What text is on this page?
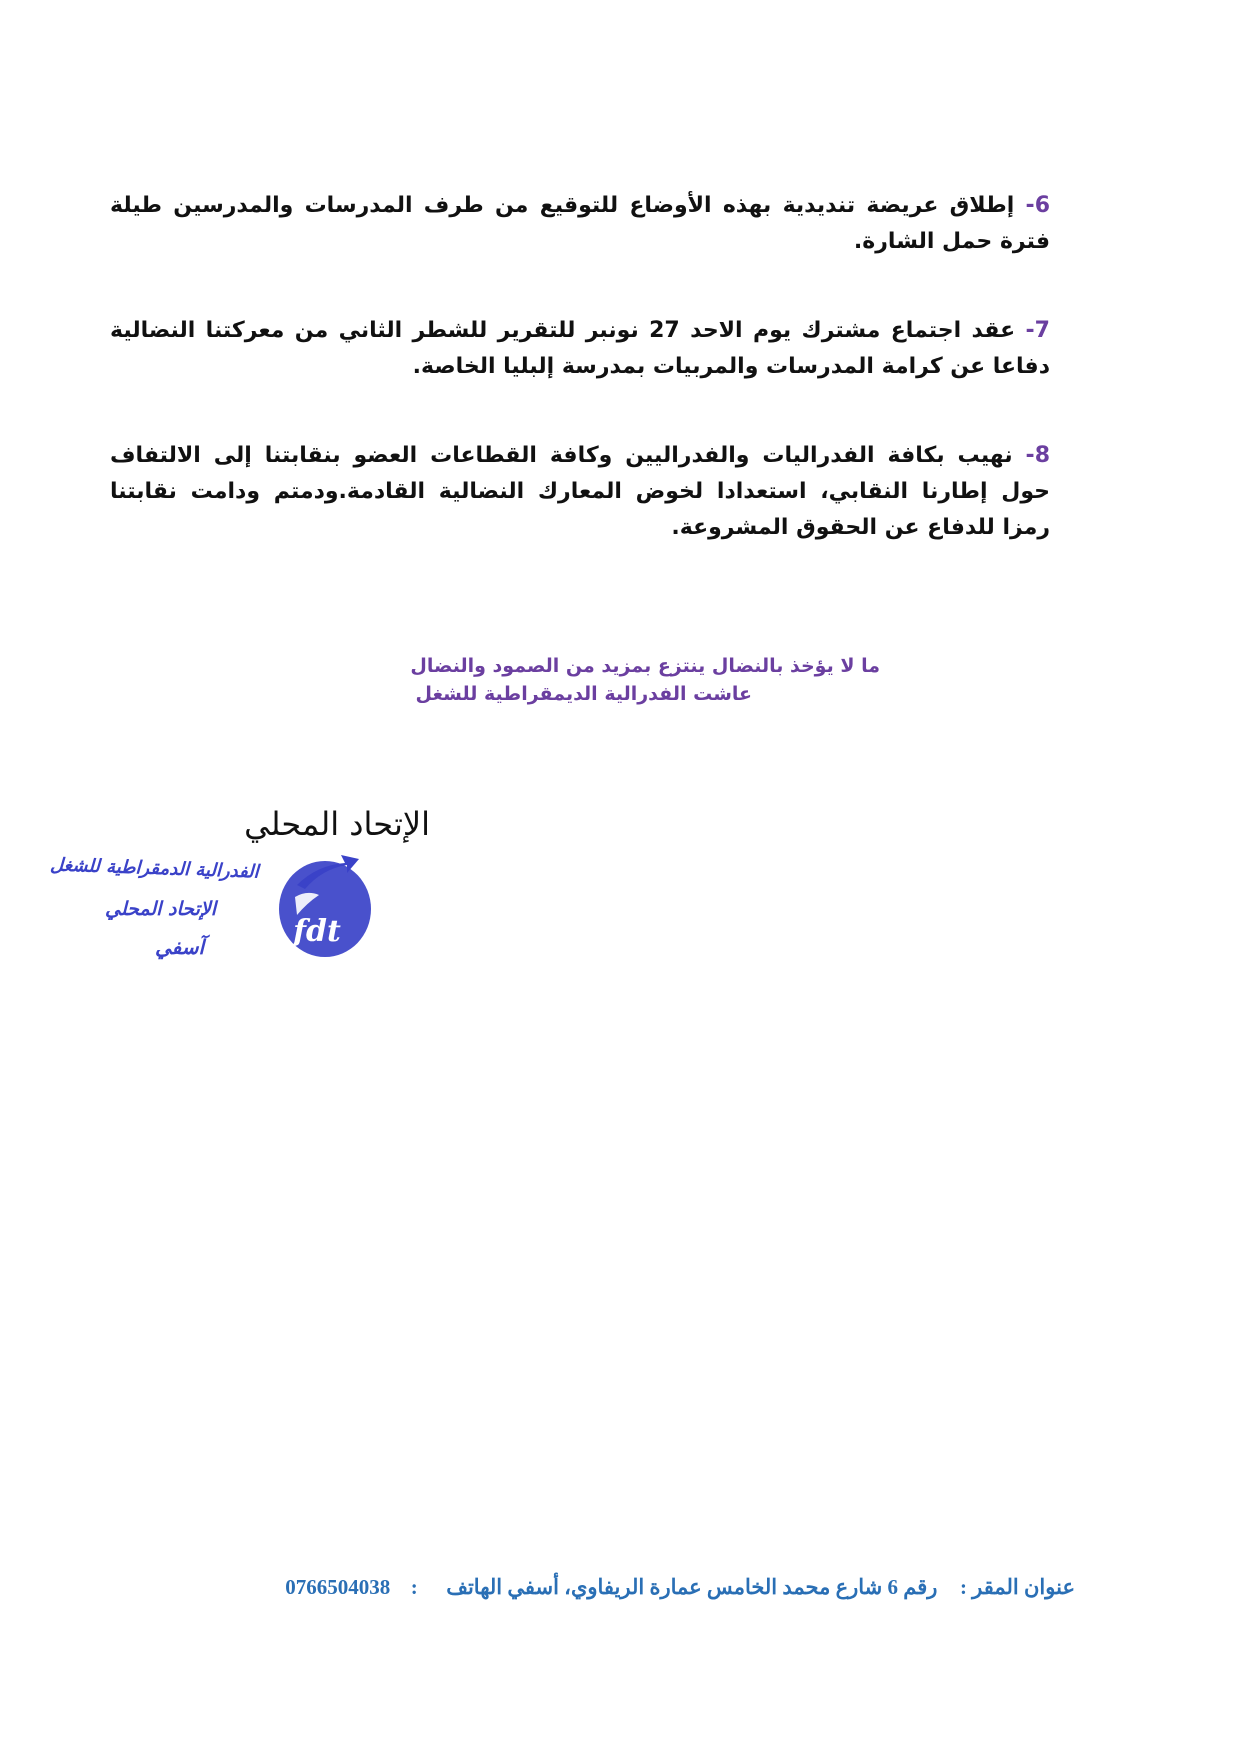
6- إطلاق عريضة تنديدية بهذه الأوضاع للتوقيع من طرف المدرسات والمدرسين طيلة فترة حمل الشارة.
7- عقد اجتماع مشترك يوم الاحد 27 نونبر للتقرير للشطر الثاني من معركتنا النضالية دفاعا عن كرامة المدرسات والمربيات بمدرسة إلبليا الخاصة.
8- نهيب بكافة الفدراليات والفدراليين وكافة القطاعات العضو بنقابتنا إلى الالتفاف حول إطارنا النقابي، استعدادا لخوض المعارك النضالية القادمة.ودمتم ودامت نقابتنا رمزا للدفاع عن الحقوق المشروعة.
ما لا يؤخذ بالنضال ينتزع بمزيد من الصمود والنضال
عاشت الفدرالية الديمقراطية للشغل
الإتحاد المحلي
الفدرالية الدمقراطية للشغل
الإتحاد المحلي
آسفي	fdt
عنوان المقر :  رقم 6 شارع محمد الخامس عمارة الريفاوي، أسفي الهاتف  :  0766504038
